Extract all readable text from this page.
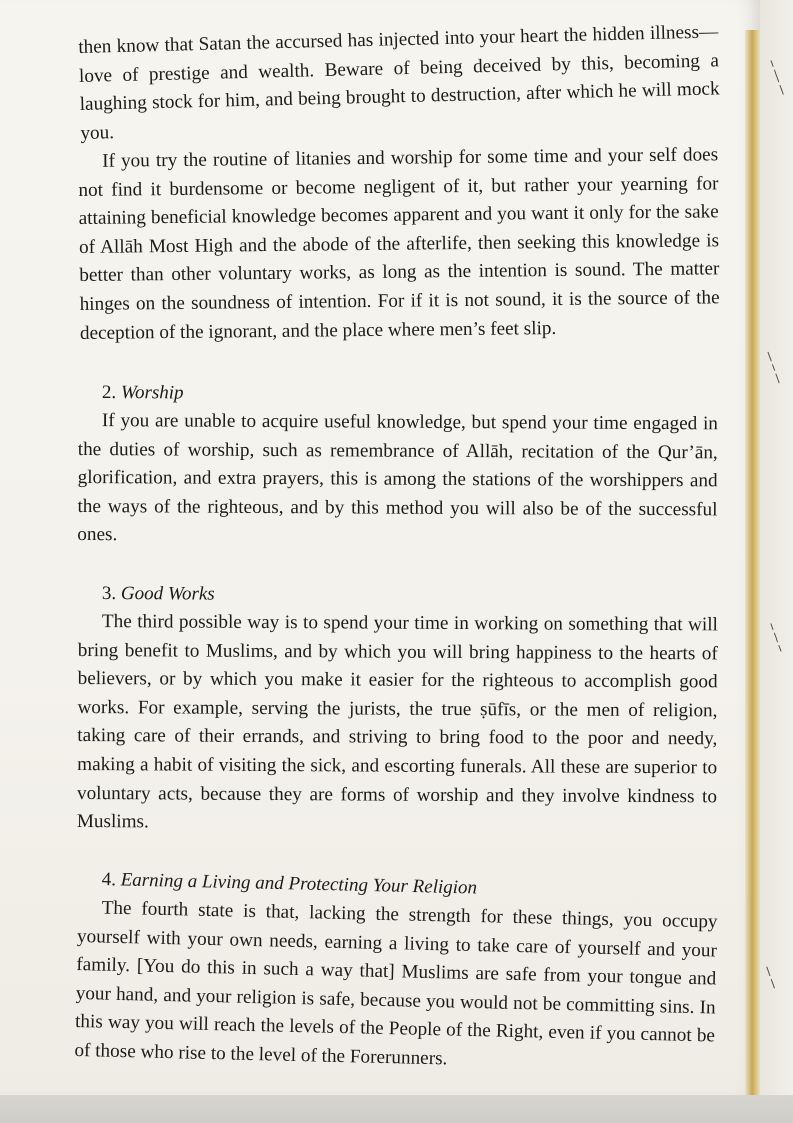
ـــ ــــ ــ
ـــ ــ ـــ
ــ ـــ ــ
ـــ ـــ

then know that Satan the accursed has injected into your heart the hidden illness—love of prestige and wealth. Beware of being deceived by this, becoming a laughing stock for him, and being brought to destruction, after which he will mock you.

If you try the routine of litanies and worship for some time and your self does not find it burdensome or become negligent of it, but rather your yearning for attaining beneficial knowledge becomes apparent and you want it only for the sake of Allāh Most High and the abode of the afterlife, then seeking this knowledge is better than other voluntary works, as long as the intention is sound. The matter hinges on the soundness of intention. For if it is not sound, it is the source of the deception of the ignorant, and the place where men’s feet slip.

2. Worship

If you are unable to acquire useful knowledge, but spend your time engaged in the duties of worship, such as remembrance of Allāh, recitation of the Qur’ān, glorification, and extra prayers, this is among the stations of the worshippers and the ways of the righteous, and by this method you will also be of the successful ones.

3. Good Works

The third possible way is to spend your time in working on something that will bring benefit to Muslims, and by which you will bring happiness to the hearts of believers, or by which you make it easier for the righteous to accomplish good works. For example, serving the jurists, the true ṣūfīs, or the men of religion, taking care of their errands, and striving to bring food to the poor and needy, making a habit of visiting the sick, and escorting funerals. All these are superior to voluntary acts, because they are forms of worship and they involve kindness to Muslims.

4. Earning a Living and Protecting Your Religion

The fourth state is that, lacking the strength for these things, you occupy yourself with your own needs, earning a living to take care of yourself and your family. [You do this in such a way that] Muslims are safe from your tongue and your hand, and your religion is safe, because you would not be committing sins. In this way you will reach the levels of the People of the Right, even if you cannot be of those who rise to the level of the Forerunners.
